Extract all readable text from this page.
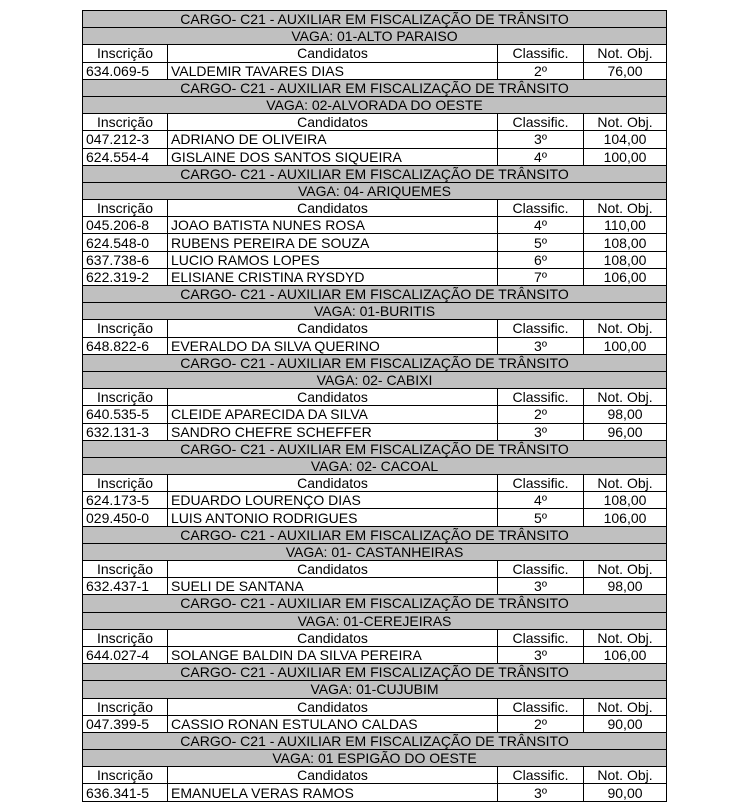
CARGO- C21 - AUXILIAR EM FISCALIZAÇÃO DE TRÂNSITO			
VAGA: 01-ALTO PARAISO			
Inscrição	Candidatos	Classific.	Not. Obj.
634.069-5	VALDEMIR TAVARES DIAS	2º	76,00
CARGO- C21 - AUXILIAR EM FISCALIZAÇÃO DE TRÂNSITO			
VAGA: 02-ALVORADA DO OESTE			
Inscrição	Candidatos	Classific.	Not. Obj.
047.212-3	ADRIANO DE OLIVEIRA	3º	104,00
624.554-4	GISLAINE DOS SANTOS SIQUEIRA	4º	100,00
CARGO- C21 - AUXILIAR EM FISCALIZAÇÃO DE TRÂNSITO			
VAGA: 04- ARIQUEMES			
Inscrição	Candidatos	Classific.	Not. Obj.
045.206-8	JOAO BATISTA NUNES ROSA	4º	110,00
624.548-0	RUBENS PEREIRA DE SOUZA	5º	108,00
637.738-6	LUCIO RAMOS LOPES	6º	108,00
622.319-2	ELISIANE CRISTINA RYSDYD	7º	106,00
CARGO- C21 - AUXILIAR EM FISCALIZAÇÃO DE TRÂNSITO			
VAGA: 01-BURITIS			
Inscrição	Candidatos	Classific.	Not. Obj.
648.822-6	EVERALDO DA SILVA QUERINO	3º	100,00
CARGO- C21 - AUXILIAR EM FISCALIZAÇÃO DE TRÂNSITO			
VAGA: 02- CABIXI			
Inscrição	Candidatos	Classific.	Not. Obj.
640.535-5	CLEIDE APARECIDA DA SILVA	2º	98,00
632.131-3	SANDRO CHEFRE SCHEFFER	3º	96,00
CARGO- C21 - AUXILIAR EM FISCALIZAÇÃO DE TRÂNSITO			
VAGA: 02- CACOAL			
Inscrição	Candidatos	Classific.	Not. Obj.
624.173-5	EDUARDO LOURENÇO DIAS	4º	108,00
029.450-0	LUIS ANTONIO RODRIGUES	5º	106,00
CARGO- C21 - AUXILIAR EM FISCALIZAÇÃO DE TRÂNSITO			
VAGA: 01- CASTANHEIRAS			
Inscrição	Candidatos	Classific.	Not. Obj.
632.437-1	SUELI DE SANTANA	3º	98,00
CARGO- C21 - AUXILIAR EM FISCALIZAÇÃO DE TRÂNSITO			
VAGA: 01-CEREJEIRAS			
Inscrição	Candidatos	Classific.	Not. Obj.
644.027-4	SOLANGE BALDIN DA SILVA PEREIRA	3º	106,00
CARGO- C21 - AUXILIAR EM FISCALIZAÇÃO DE TRÂNSITO			
VAGA: 01-CUJUBIM			
Inscrição	Candidatos	Classific.	Not. Obj.
047.399-5	CASSIO RONAN ESTULANO CALDAS	2º	90,00
CARGO- C21 - AUXILIAR EM FISCALIZAÇÃO DE TRÂNSITO			
VAGA: 01 ESPIGÃO DO OESTE			
Inscrição	Candidatos	Classific.	Not. Obj.
636.341-5	EMANUELA VERAS RAMOS	3º	90,00
